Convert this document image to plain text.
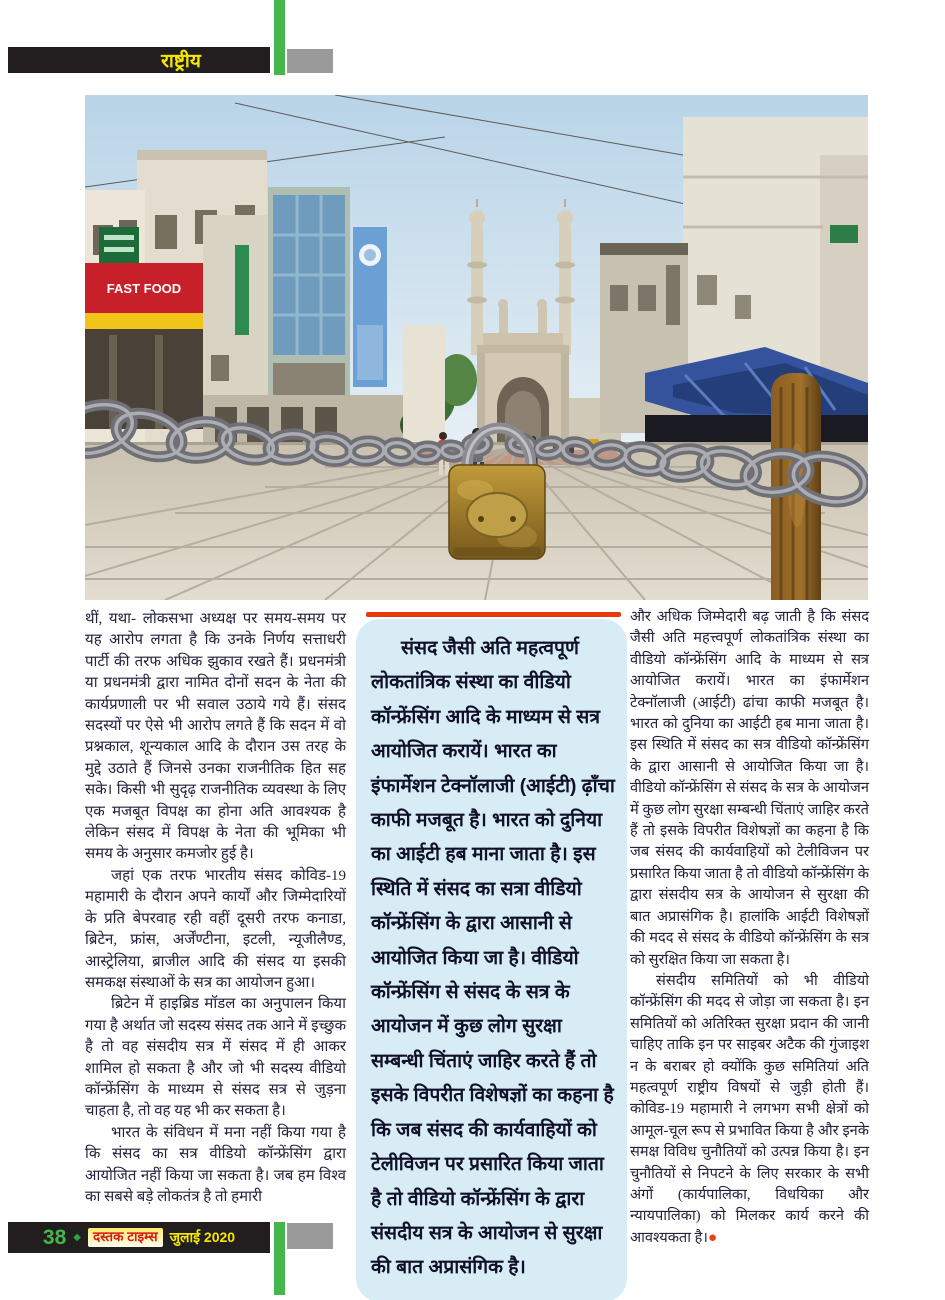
राष्ट्रीय
FAST FOOD

थीं, यथा- लोकसभा अध्यक्ष पर समय-समय पर यह आरोप लगता है कि उनके निर्णय सत्ताधरी पार्टी की तरफ अधिक झुकाव रखते हैं। प्रधनमंत्री या प्रधनमंत्री द्वारा नामित दोनों सदन के नेता की कार्यप्रणाली पर भी सवाल उठाये गये हैं। संसद सदस्यों पर ऐसे भी आरोप लगते हैं कि सदन में वो प्रश्नकाल, शून्यकाल आदि के दौरान उस तरह के मुद्दे उठाते हैं जिनसे उनका राजनीतिक हित सह सके। किसी भी सुदृढ़ राजनीतिक व्यवस्था के लिए एक मजबूत विपक्ष का होना अति आवश्यक है लेकिन संसद में विपक्ष के नेता की भूमिका भी समय के अनुसार कमजोर हुई है।

जहां एक तरफ भारतीय संसद कोविड-19 महामारी के दौरान अपने कार्यों और जिम्मेदारियों के प्रति बेपरवाह रही वहीं दूसरी तरफ कनाडा, ब्रिटेन, फ्रांस, अर्जेंण्टीना, इटली, न्यूजीलैण्ड, आस्ट्रेलिया, ब्राजील आदि की संसद या इसकी समकक्ष संस्थाओं के सत्र का आयोजन हुआ।

ब्रिटेन में हाइब्रिड मॉडल का अनुपालन किया गया है अर्थात जो सदस्य संसद तक आने में इच्छुक है तो वह संसदीय सत्र में संसद में ही आकर शामिल हो सकता है और जो भी सदस्य वीडियो कॉन्फ्रेंसिंग के माध्यम से संसद सत्र से जुड़ना चाहता है, तो वह यह भी कर सकता है।

भारत के संविधन में मना नहीं किया गया है कि संसद का सत्र वीडियो कॉन्फ्रेंसिंग द्वारा आयोजित नहीं किया जा सकता है। जब हम विश्व का सबसे बड़े लोकतंत्र है तो हमारी

संसद जैसी अति महत्वपूर्ण लोकतांत्रिक संस्था का वीडियो कॉन्फ्रेंसिंग आदि के माध्यम से सत्र आयोजित करायें। भारत का इंफार्मेशन टेक्नॉलाजी (आईटी) ढ़ाँचा काफी मजबूत है। भारत को दुनिया का आईटी हब माना जाता है। इस स्थिति में संसद का सत्रा वीडियो कॉन्फ्रेंसिंग के द्वारा आसानी से आयोजित किया जा है। वीडियो कॉन्फ्रेंसिंग से संसद के सत्र के आयोजन में कुछ लोग सुरक्षा सम्बन्धी चिंताएं जाहिर करते हैं तो इसके विपरीत विशेषज्ञों का कहना है कि जब संसद की कार्यवाहियों को टेलीविजन पर प्रसारित किया जाता है तो वीडियो कॉन्फ्रेंसिंग के द्वारा संसदीय सत्र के आयोजन से सुरक्षा की बात अप्रासंगिक है।

और अधिक जिम्मेदारी बढ़ जाती है कि संसद जैसी अति महत्त्वपूर्ण लोकतांत्रिक संस्था का वीडियो कॉन्फ्रेंसिंग आदि के माध्यम से सत्र आयोजित करायें। भारत का इंफार्मेशन टेक्नॉलाजी (आईटी) ढांचा काफी मजबूत है। भारत को दुनिया का आईटी हब माना जाता है। इस स्थिति में संसद का सत्र वीडियो कॉन्फ्रेंसिंग के द्वारा आसानी से आयोजित किया जा है। वीडियो कॉन्फ्रेंसिंग से संसद के सत्र के आयोजन में कुछ लोग सुरक्षा सम्बन्धी चिंताएं जाहिर करते हैं तो इसके विपरीत विशेषज्ञों का कहना है कि जब संसद की कार्यवाहियों को टेलीविजन पर प्रसारित किया जाता है तो वीडियो कॉन्फ्रेंसिंग के द्वारा संसदीय सत्र के आयोजन से सुरक्षा की बात अप्रासंगिक है। हालांकि आईटी विशेषज्ञों की मदद से संसद के वीडियो कॉन्फ्रेंसिंग के सत्र को सुरक्षित किया जा सकता है।

संसदीय समितियों को भी वीडियो कॉन्फ्रेंसिंग की मदद से जोड़ा जा सकता है। इन समितियों को अतिरिक्त सुरक्षा प्रदान की जानी चाहिए ताकि इन पर साइबर अटैक की गुंजाइश न के बराबर हो क्योंकि कुछ समितियां अति महत्वपूर्ण राष्ट्रीय विषयों से जुड़ी होती हैं। कोविड-19 महामारी ने लगभग सभी क्षेत्रों को आमूल-चूल रूप से प्रभावित किया है और इनके समक्ष विविध चुनौतियों को उत्पन्न किया है। इन चुनौतियों से निपटने के लिए सरकार के सभी अंगों (कार्यपालिका, विधयिका और न्यायपालिका) को मिलकर कार्य करने की आवश्यकता है।●

38 ◆ दस्तक टाइम्स जुलाई 2020
